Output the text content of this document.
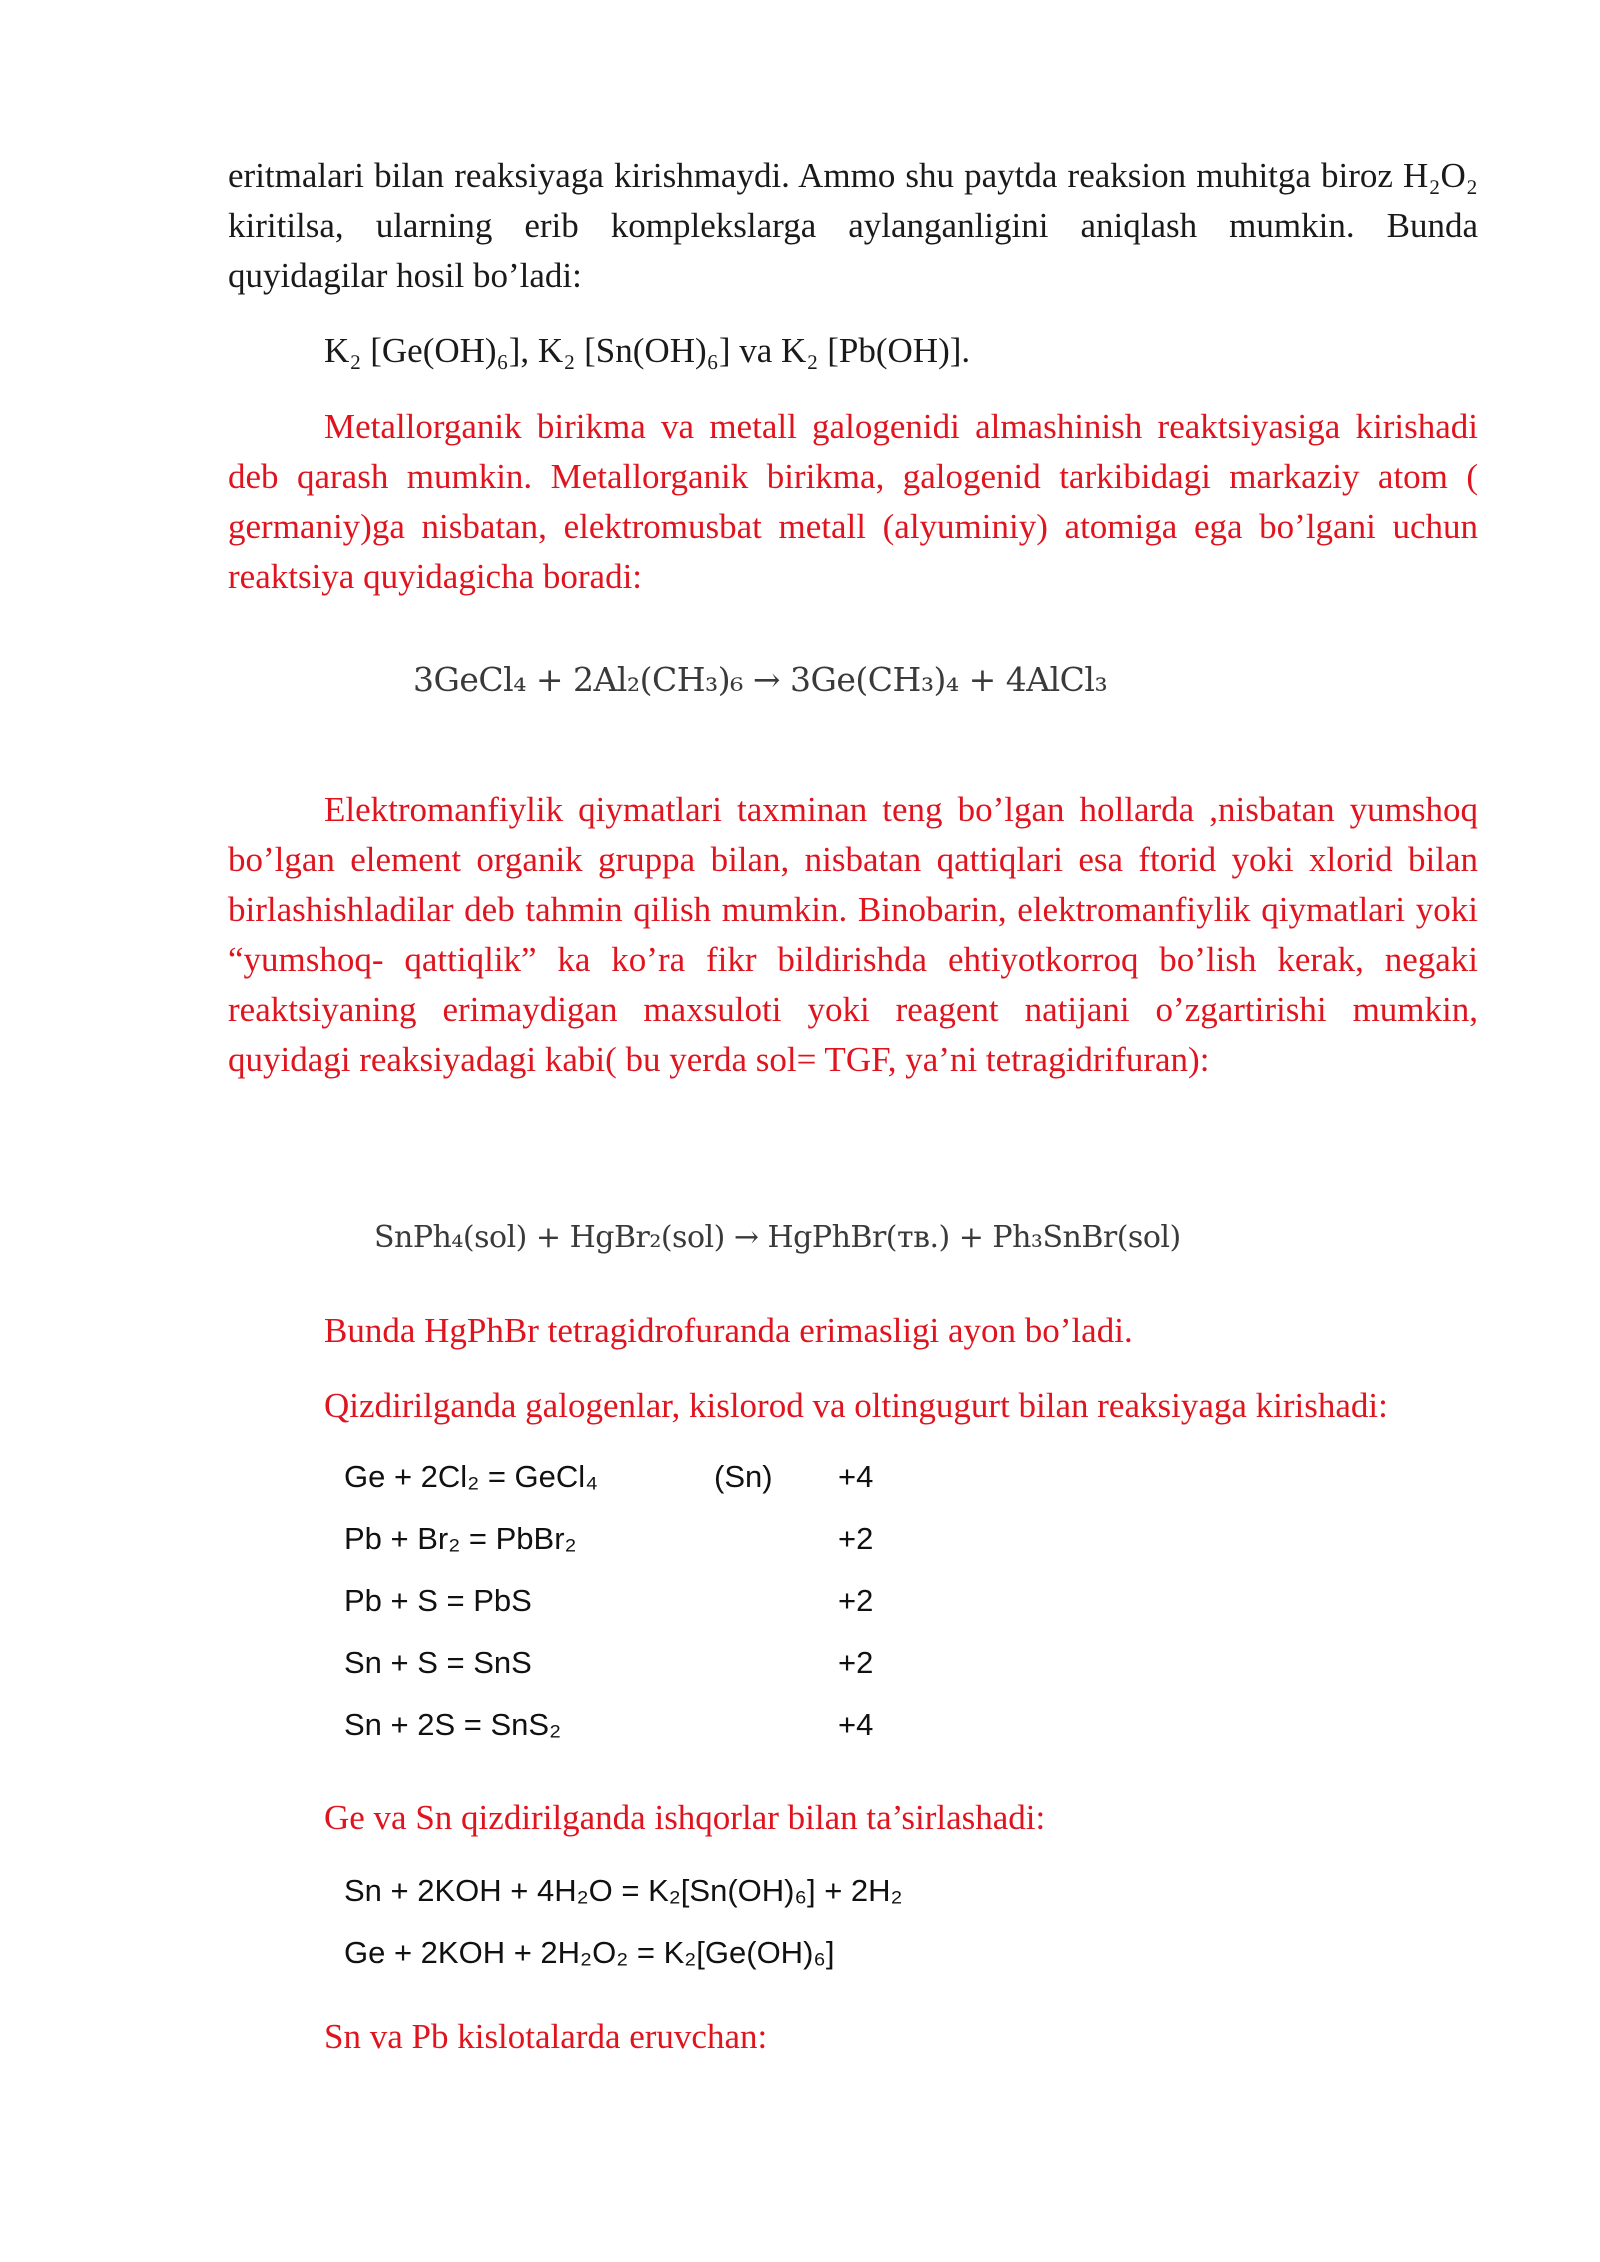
eritmalari bilan reaksiyaga kirishmaydi. Ammo shu paytda reaksion muhitga biroz H₂O₂ kiritilsa, ularning erib komplekslarga aylanganligini aniqlash mumkin. Bunda quyidagilar hosil bo’ladi:

K₂ [Ge(OH)₆], K₂ [Sn(OH)₆] va K₂ [Pb(OH)].

Metallorganik birikma va metall galogenidi almashinish reaktsiyasiga kirishadi deb qarash mumkin. Metallorganik birikma, galogenid tarkibidagi markaziy atom ( germaniy)ga nisbatan, elektromusbat metall (alyuminiy) atomiga ega bo’lgani uchun reaktsiya quyidagicha boradi:

3GeCl₄ + 2Al₂(CH₃)₆ → 3Ge(CH₃)₄ + 4AlCl₃

Elektromanfiylik qiymatlari taxminan teng bo’lgan hollarda ,nisbatan yumshoq bo’lgan element organik gruppa bilan, nisbatan qattiqlari esa ftorid yoki xlorid bilan birlashishladilar deb tahmin qilish mumkin. Binobarin, elektromanfiylik qiymatlari yoki “yumshoq- qattiqlik” ka ko’ra fikr bildirishda ehtiyotkorroq bo’lish kerak, negaki reaktsiyaning erimaydigan maxsuloti yoki reagent natijani o’zgartirishi mumkin, quyidagi reaksiyadagi kabi( bu yerda sol= TGF, ya’ni tetragidrifuran):

SnPh₄(sol) + HgBr₂(sol) → HgPhBr(тв.) + Ph₃SnBr(sol)
Bunda HgPhBr tetragidrofuranda erimasligi ayon bo’ladi.
Qizdirilganda galogenlar, kislorod va oltingugurt bilan reaksiyaga kirishadi:
Ge + 2Cl₂ = GeCl₄	(Sn) +4
Pb + Br₂ = PbBr₂	+2
Pb + S = PbS	+2
Sn + S = SnS	+2
Sn + 2S = SnS₂	+4
Ge va Sn qizdirilganda ishqorlar bilan ta’sirlashadi:
Sn + 2KOH + 4H₂O = K₂[Sn(OH)₆] + 2H₂
Ge + 2KOH + 2H₂O₂ = K₂[Ge(OH)₆]
Sn va Pb kislotalarda eruvchan:
